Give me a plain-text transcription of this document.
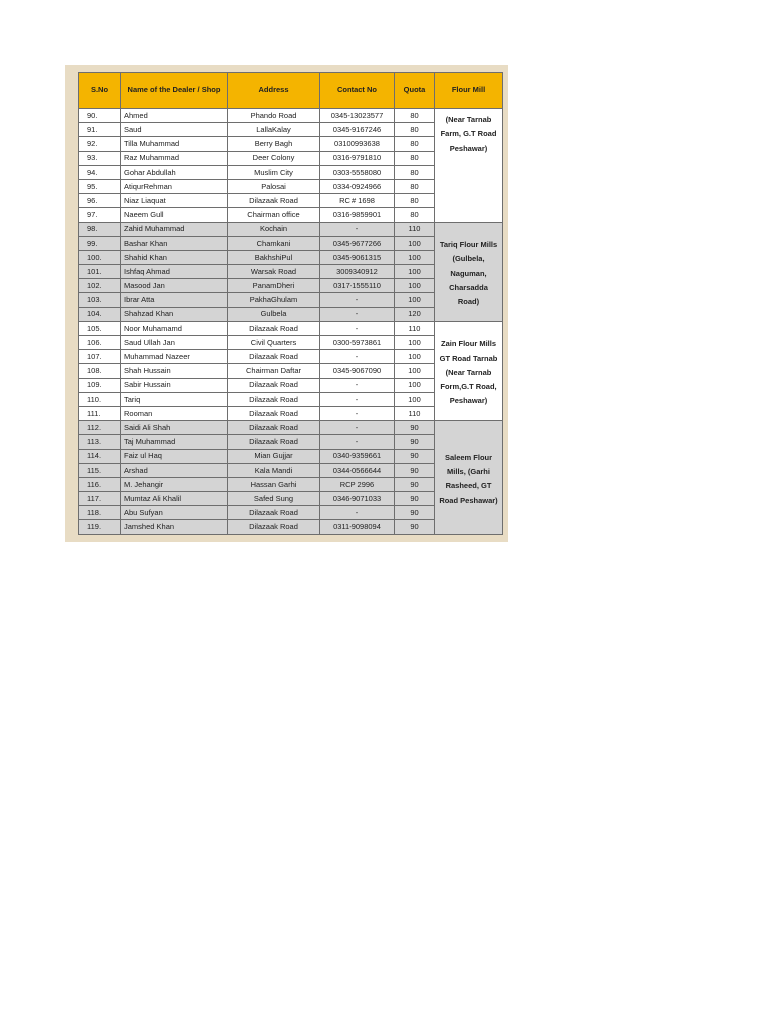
S.No	Name of the Dealer / Shop	Address	Contact No	Quota	Flour Mill
90.	Ahmed	Phando Road	0345-13023577	80	(Near Tarnab Farm, G.T Road Peshawar)
91.	Saud	LallaKalay	0345-9167246	80	
92.	Tilla Muhammad	Berry Bagh	03100993638	80	
93.	Raz Muhammad	Deer Colony	0316-9791810	80	
94.	Gohar Abdullah	Muslim City	0303-5558080	80	
95.	AtiqurRehman	Palosai	0334-0924966	80	
96.	Niaz Liaquat	Dilazaak Road	RC # 1698	80	
97.	Naeem Gull	Chairman office	0316-9859901	80	
98.	Zahid Muhammad	Kochain	-	110	Tariq Flour Mills (Gulbela, Naguman, Charsadda Road)
99.	Bashar Khan	Chamkani	0345-9677266	100	
100.	Shahid Khan	BakhshiPul	0345-9061315	100	
101.	Ishfaq Ahmad	Warsak Road	3009340912	100	
102.	Masood Jan	PanamDheri	0317-1555110	100	
103.	Ibrar Atta	PakhaGhulam	-	100	
104.	Shahzad Khan	Gulbela	-	120	
105.	Noor Muhamamd	Dilazaak Road	-	110	Zain Flour Mills GT Road Tarnab (Near Tarnab Form,G.T Road, Peshawar)
106.	Saud Ullah Jan	Civil Quarters	0300-5973861	100	
107.	Muhammad Nazeer	Dilazaak Road	-	100	
108.	Shah Hussain	Chairman Daftar	0345-9067090	100	
109.	Sabir Hussain	Dilazaak Road	-	100	
110.	Tariq	Dilazaak Road	-	100	
111.	Rooman	Dilazaak Road	-	110	
112.	Saidi Ali Shah	Dilazaak Road	-	90	Saleem Flour Mills, (Garhi Rasheed, GT Road Peshawar)
113.	Taj Muhammad	Dilazaak Road	-	90	
114.	Faiz ul Haq	Mian Gujjar	0340-9359661	90	
115.	Arshad	Kala Mandi	0344-0566644	90	
116.	M. Jehangir	Hassan Garhi	RCP 2996	90	
117.	Mumtaz Ali Khalil	Safed Sung	0346-9071033	90	
118.	Abu Sufyan	Dilazaak Road	-	90	
119.	Jamshed Khan	Dilazaak Road	0311-9098094	90	
